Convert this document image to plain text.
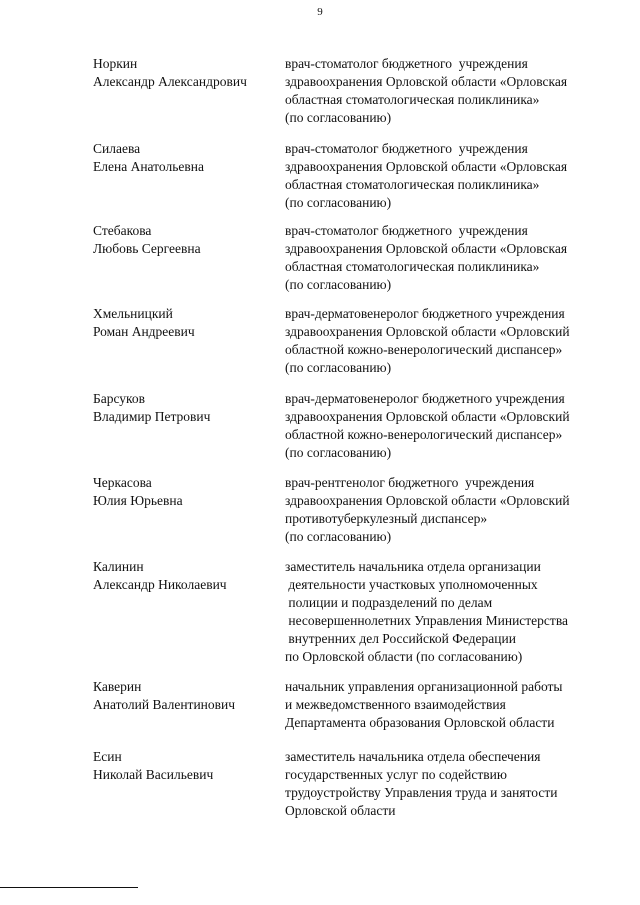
9
Норкин
Александр Александрович
врач-стоматолог бюджетного  учреждения
здравоохранения Орловской области «Орловская
областная стоматологическая поликлиника»
(по согласованию)
Силаева
Елена Анатольевна
врач-стоматолог бюджетного  учреждения
здравоохранения Орловской области «Орловская
областная стоматологическая поликлиника»
(по согласованию)
Стебакова
Любовь Сергеевна
врач-стоматолог бюджетного  учреждения
здравоохранения Орловской области «Орловская
областная стоматологическая поликлиника»
(по согласованию)
Хмельницкий
Роман Андреевич
врач-дерматовенеролог бюджетного учреждения
здравоохранения Орловской области «Орловский
областной кожно-венерологический диспансер»
(по согласованию)
Барсуков
Владимир Петрович
врач-дерматовенеролог бюджетного учреждения
здравоохранения Орловской области «Орловский
областной кожно-венерологический диспансер»
(по согласованию)
Черкасова
Юлия Юрьевна
врач-рентгенолог бюджетного  учреждения
здравоохранения Орловской области «Орловский
противотуберкулезный диспансер»
(по согласованию)
Калинин
Александр Николаевич
заместитель начальника отдела организации
деятельности участковых уполномоченных
полиции и подразделений по делам
несовершеннолетних Управления Министерства
внутренних дел Российской Федерации
по Орловской области (по согласованию)
Каверин
Анатолий Валентинович
начальник управления организационной работы
и межведомственного взаимодействия
Департамента образования Орловской области
Есин
Николай Васильевич
заместитель начальника отдела обеспечения
государственных услуг по содействию
трудоустройству Управления труда и занятости
Орловской области
